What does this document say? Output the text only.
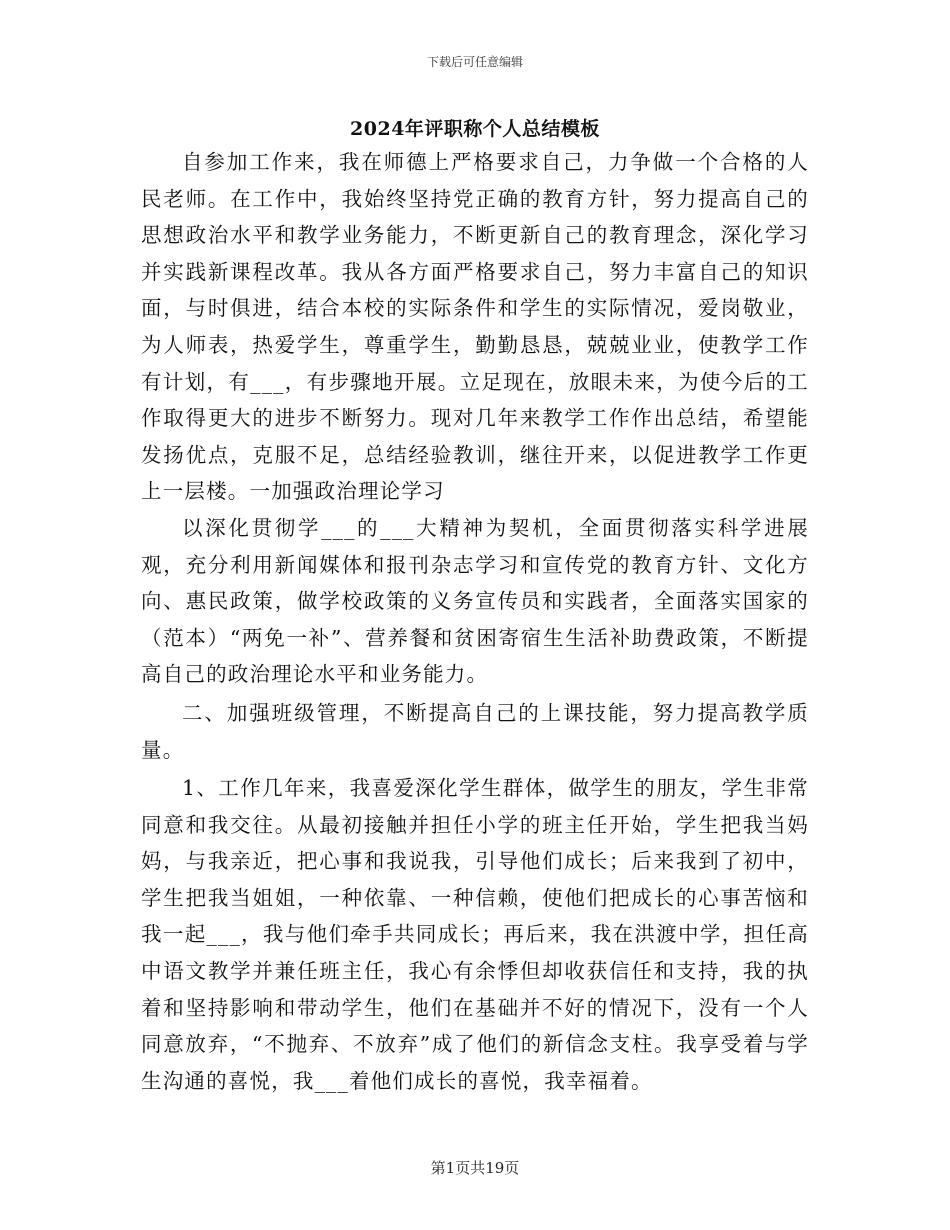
下载后可任意编辑
2024年评职称个人总结模板

自参加工作来，我在师德上严格要求自己，力争做一个合格的人民老师。在工作中，我始终坚持党正确的教育方针，努力提高自己的思想政治水平和教学业务能力，不断更新自己的教育理念，深化学习并实践新课程改革。我从各方面严格要求自己，努力丰富自己的知识面，与时俱进，结合本校的实际条件和学生的实际情况，爱岗敬业，为人师表，热爱学生，尊重学生，勤勤恳恳，兢兢业业，使教学工作有计划，有___，有步骤地开展。立足现在，放眼未来，为使今后的工作取得更大的进步不断努力。现对几年来教学工作作出总结，希望能发扬优点，克服不足，总结经验教训，继往开来，以促进教学工作更上一层楼。一加强政治理论学习

以深化贯彻学___的___大精神为契机，全面贯彻落实科学进展观，充分利用新闻媒体和报刊杂志学习和宣传党的教育方针、文化方向、惠民政策，做学校政策的义务宣传员和实践者，全面落实国家的（范本）“两免一补”、营养餐和贫困寄宿生生活补助费政策，不断提高自己的政治理论水平和业务能力。

二、加强班级管理，不断提高自己的上课技能，努力提高教学质量。

1、工作几年来，我喜爱深化学生群体，做学生的朋友，学生非常同意和我交往。从最初接触并担任小学的班主任开始，学生把我当妈妈，与我亲近，把心事和我说我，引导他们成长；后来我到了初中，学生把我当姐姐，一种依靠、一种信赖，使他们把成长的心事苦恼和我一起___，我与他们牵手共同成长；再后来，我在洪渡中学，担任高中语文教学并兼任班主任，我心有余悸但却收获信任和支持，我的执着和坚持影响和带动学生，他们在基础并不好的情况下，没有一个人同意放弃，“不抛弃、不放弃”成了他们的新信念支柱。我享受着与学生沟通的喜悦，我___着他们成长的喜悦，我幸福着。

第1页共19页
